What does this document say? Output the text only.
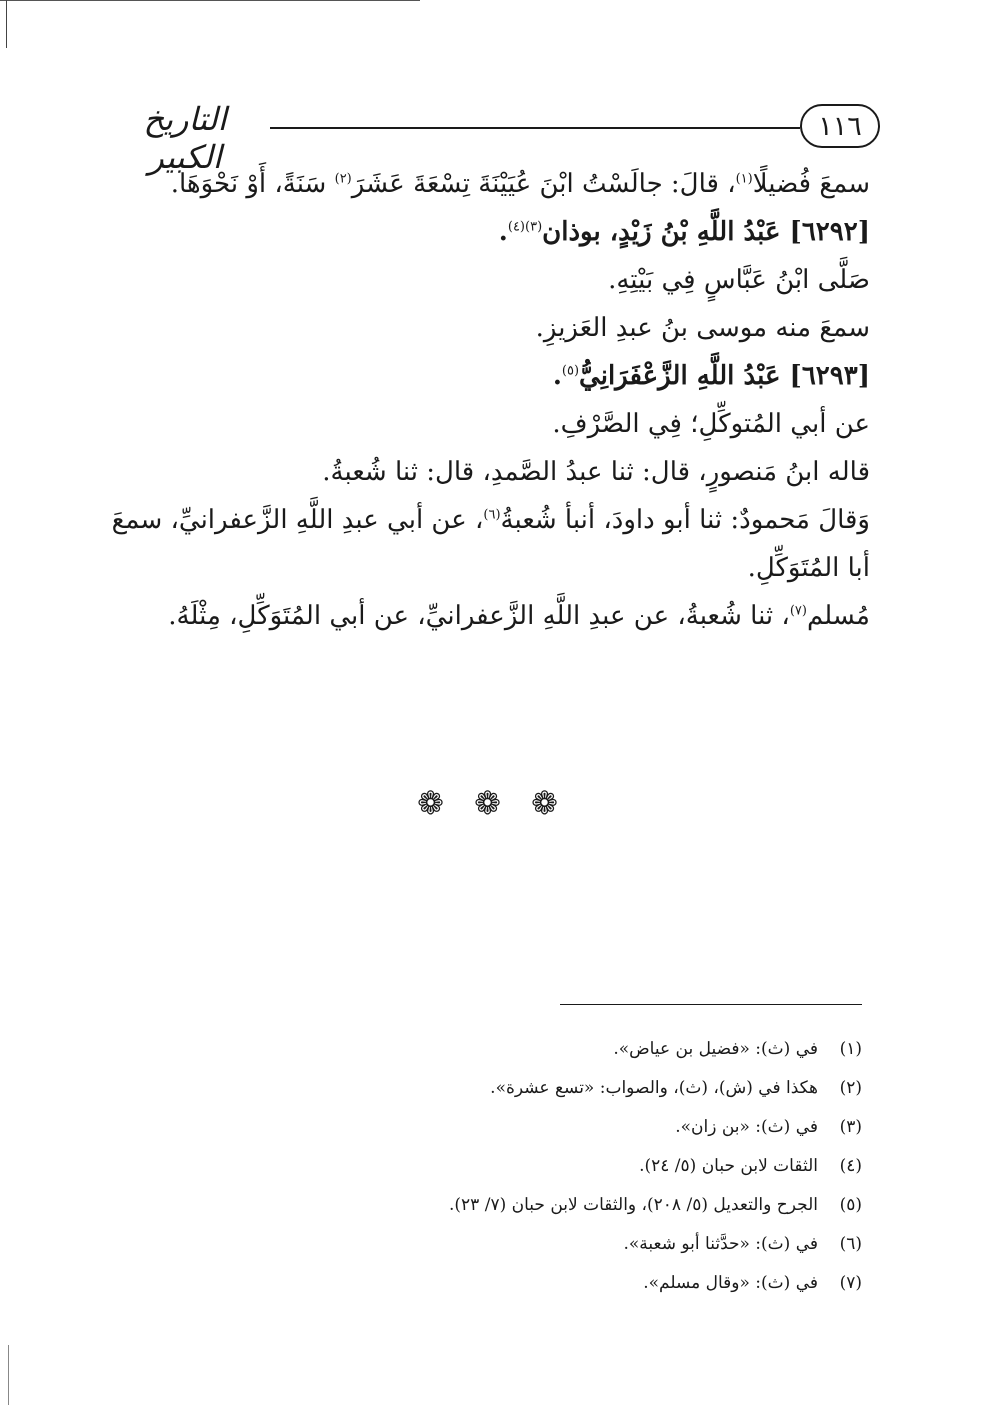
١١٦
التاريخ الكبير

سمعَ فُضيلًا$^{(١)}$، قالَ: جالَسْتُ ابْنَ عُيَيْنَةَ تِسْعَةَ عَشَرَ$^{(٢)}$ سَنَةً، أَوْ نَحْوَهَا.

[٦٢٩٢] عَبْدُ اللَّهِ بْنُ زَيْدٍ، بوذان$^{(٣)(٤)}$.

صَلَّى ابْنُ عَبَّاسٍ فِي بَيْتِهِ.

سمعَ منه موسى بنُ عبدِ العَزيزِ.

[٦٢٩٣] عَبْدُ اللَّهِ الزَّعْفَرَانِيُّ$^{(٥)}$.

عن أبي المُتوكِّلِ؛ فِي الصَّرْفِ.

قاله ابنُ مَنصورٍ، قال: ثنا عبدُ الصَّمدِ، قال: ثنا شُعبةُ.

وَقالَ مَحمودٌ: ثنا أبو داودَ، أنبأ شُعبةُ$^{(٦)}$، عن أبي عبدِ اللَّهِ الزَّعفرانيِّ، سمعَ أبا المُتَوَكِّلِ.

مُسلم$^{(٧)}$، ثنا شُعبةُ، عن عبدِ اللَّهِ الزَّعفرانيِّ، عن أبي المُتَوَكِّلِ، مِثْلَهُ.

❁ ❁ ❁
(١)في (ث): «فضيل بن عياض».
(٢)هكذا في (ش)، (ث)، والصواب: «تسع عشرة».
(٣)في (ث): «بن زان».
(٤)الثقات لابن حبان (٥/ ٢٤).
(٥)الجرح والتعديل (٥/ ٢٠٨)، والثقات لابن حبان (٧/ ٢٣).
(٦)في (ث): «حدَّثنا أبو شعبة».
(٧)في (ث): «وقال مسلم».
